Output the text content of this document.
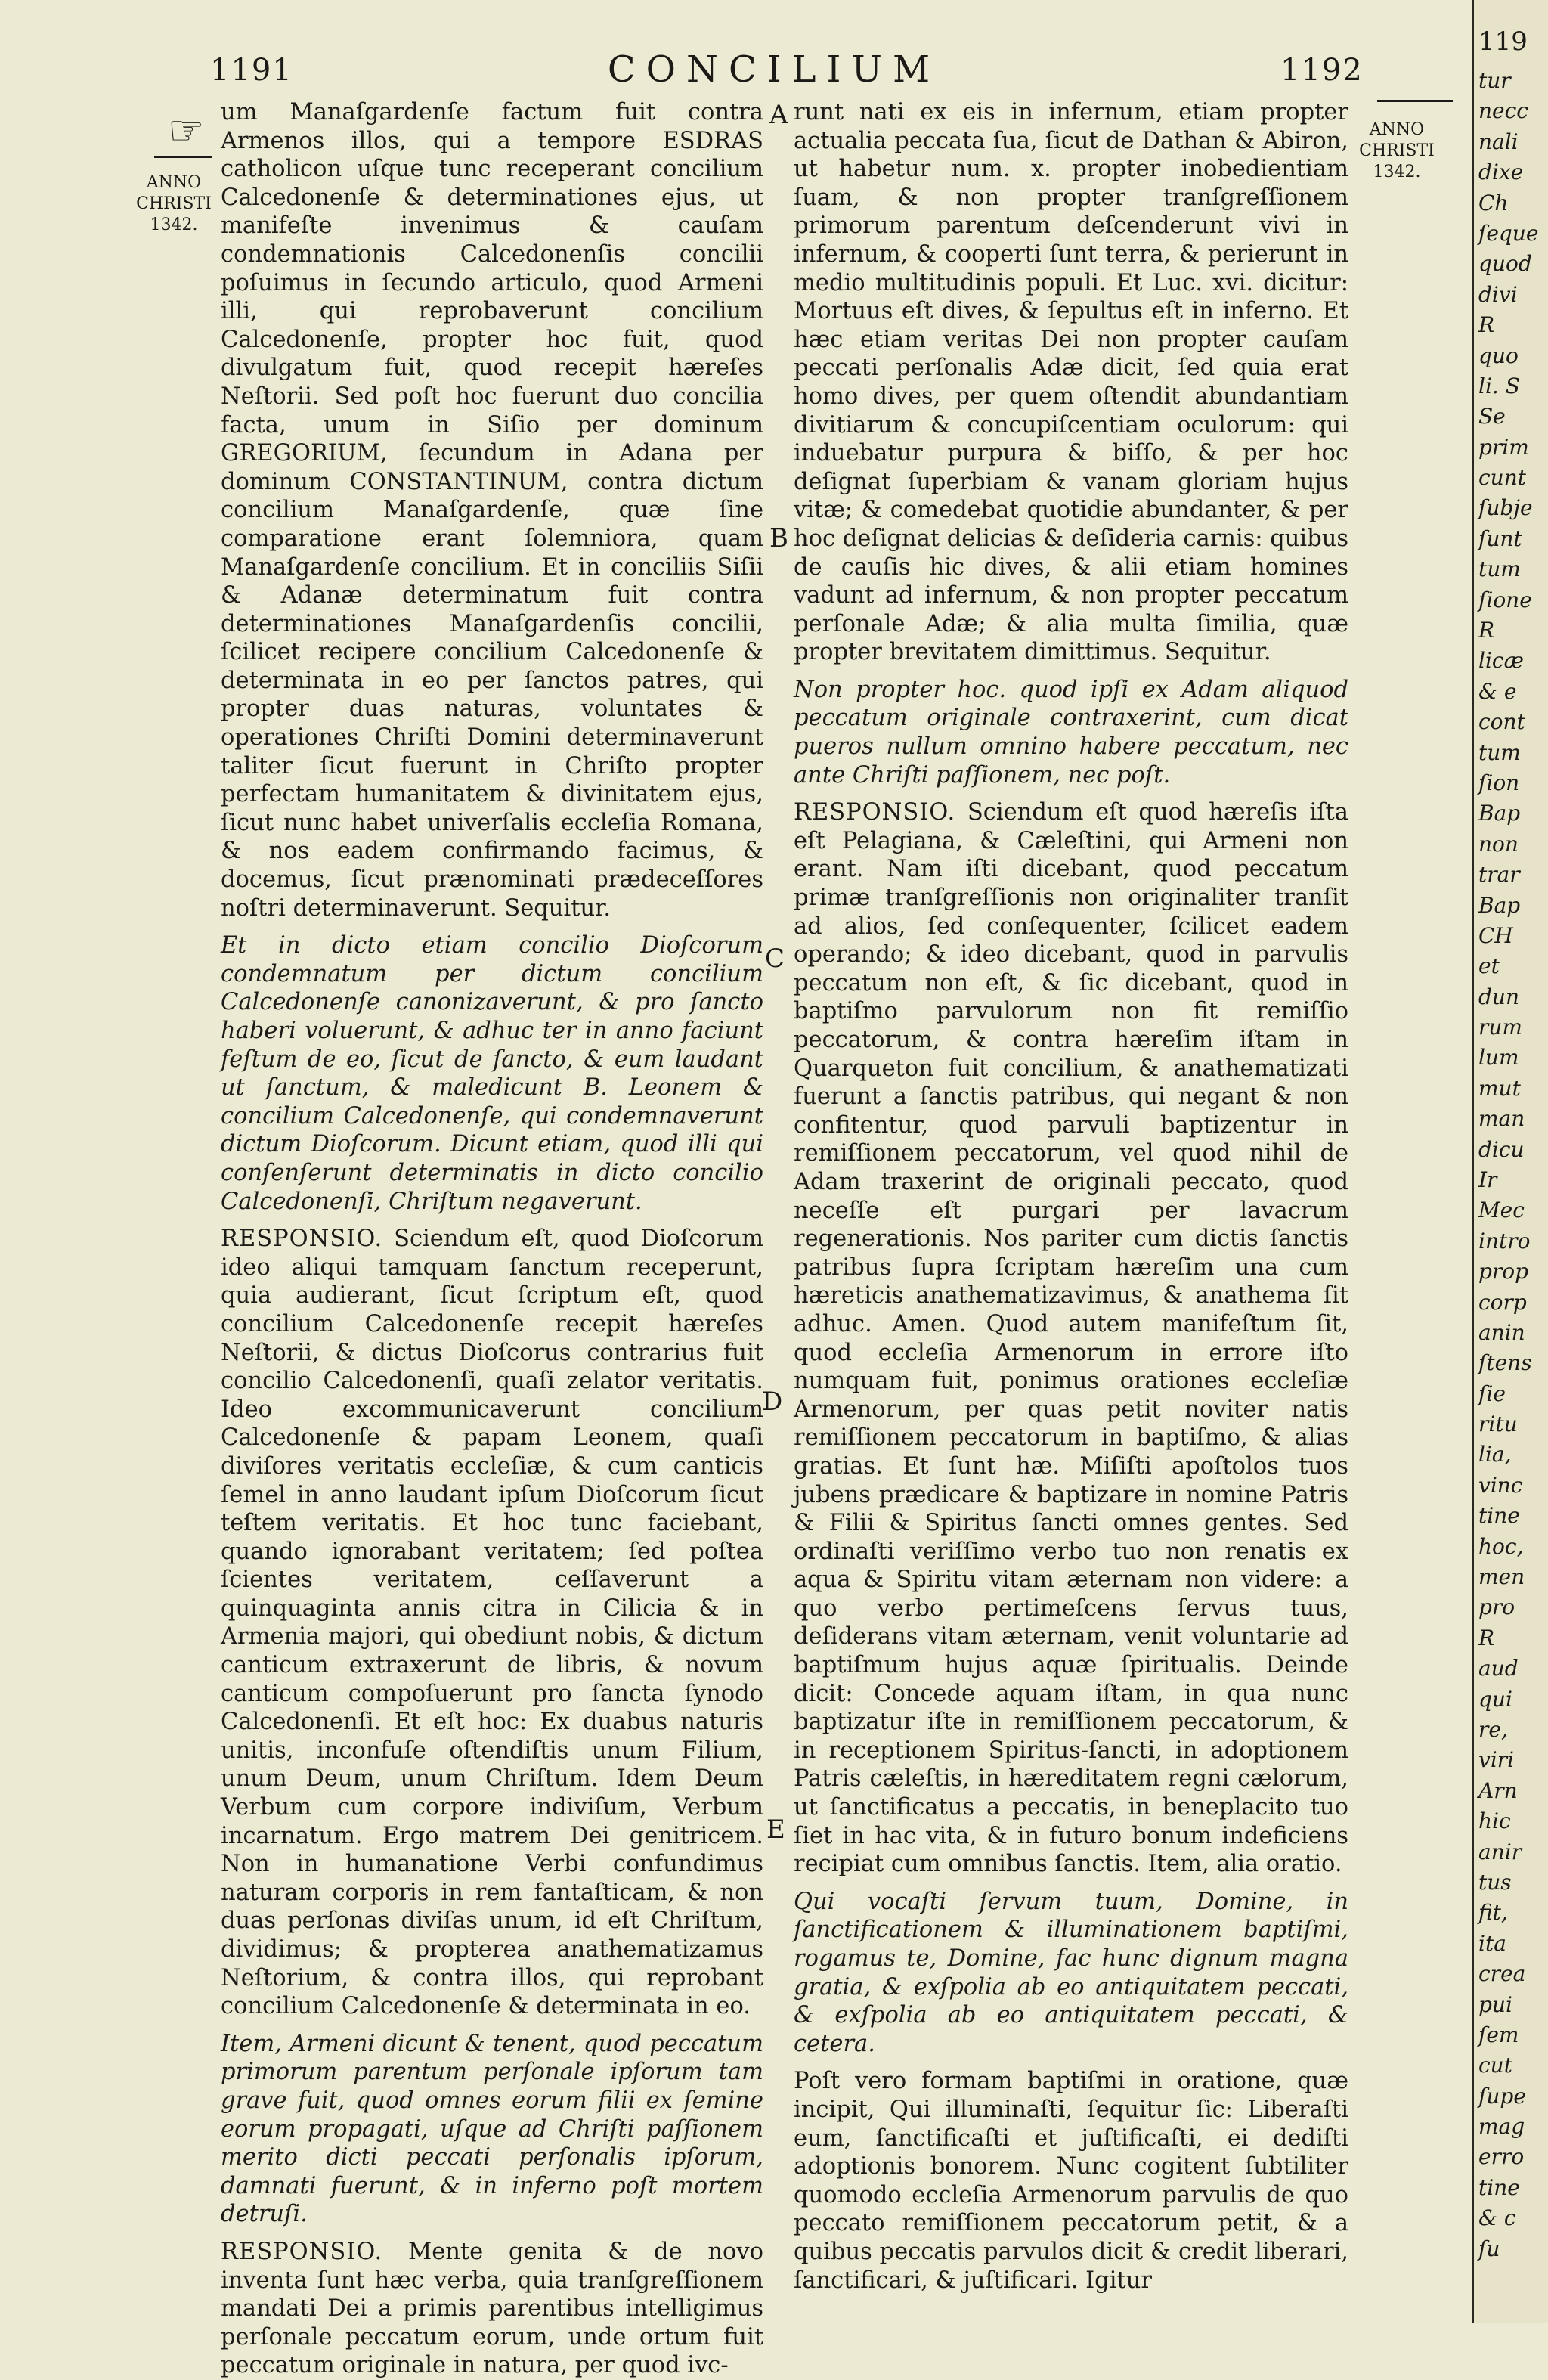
1191	CONCILIUM	1192
☞
ANNO
CHRISTI
1342.
ANNO
CHRISTI
1342.
A
B
C
D
E

um Manaſgardenſe factum fuit contra Armenos illos, qui a tempore ESDRAS catholicon uſque tunc receperant concilium Calcedonenſe & determinationes ejus, ut manifeſte invenimus & cauſam condemnationis Calcedonenſis concilii poſuimus in ſecundo articulo, quod Armeni illi, qui reprobaverunt concilium Calcedonenſe, propter hoc fuit, quod divulgatum fuit, quod recepit hæreſes Neſtorii. Sed poſt hoc fuerunt duo concilia facta, unum in Siſio per dominum GREGORIUM, ſecundum in Adana per dominum CONSTANTINUM, contra dictum concilium Manaſgardenſe, quæ ſine comparatione erant ſolemniora, quam Manaſgardenſe concilium. Et in conciliis Siſii & Adanæ determinatum fuit contra determinationes Manaſgardenſis concilii, ſcilicet recipere concilium Calcedonenſe & determinata in eo per ſanctos patres, qui propter duas naturas, voluntates & operationes Chriſti Domini determinaverunt taliter ſicut fuerunt in Chriſto propter perfectam humanitatem & divinitatem ejus, ſicut nunc habet univerſalis eccleſia Romana, & nos eadem confirmando facimus, & docemus, ſicut prænominati prædeceſſores noſtri determinaverunt. Sequitur.

Et in dicto etiam concilio Dioſcorum condemnatum per dictum concilium Calcedonenſe canonizaverunt, & pro ſancto haberi voluerunt, & adhuc ter in anno faciunt feſtum de eo, ſicut de ſancto, & eum laudant ut ſanctum, & maledicunt B. Leonem & concilium Calcedonenſe, qui condemnaverunt dictum Dioſcorum. Dicunt etiam, quod illi qui conſenſerunt determinatis in dicto concilio Calcedonenſi, Chriſtum negaverunt.

RESPONSIO. Sciendum eſt, quod Dioſcorum ideo aliqui tamquam ſanctum receperunt, quia audierant, ſicut ſcriptum eſt, quod concilium Calcedonenſe recepit hæreſes Neſtorii, & dictus Dioſcorus contrarius fuit concilio Calcedonenſi, quaſi zelator veritatis. Ideo excommunicaverunt concilium Calcedonenſe & papam Leonem, quaſi diviſores veritatis eccleſiæ, & cum canticis ſemel in anno laudant ipſum Dioſcorum ſicut teſtem veritatis. Et hoc tunc faciebant, quando ignorabant veritatem; ſed poſtea ſcientes veritatem, ceſſaverunt a quinquaginta annis citra in Cilicia & in Armenia majori, qui obediunt nobis, & dictum canticum extraxerunt de libris, & novum canticum compoſuerunt pro ſancta ſynodo Calcedonenſi. Et eſt hoc: Ex duabus naturis unitis, inconfuſe oſtendiſtis unum Filium, unum Deum, unum Chriſtum. Idem Deum Verbum cum corpore indiviſum, Verbum incarnatum. Ergo matrem Dei genitricem. Non in humanatione Verbi confundimus naturam corporis in rem fantaſticam, & non duas perſonas diviſas unum, id eſt Chriſtum, dividimus; & propterea anathematizamus Neſtorium, & contra illos, qui reprobant concilium Calcedonenſe & determinata in eo.

Item, Armeni dicunt & tenent, quod peccatum primorum parentum perſonale ipſorum tam grave fuit, quod omnes eorum filii ex ſemine eorum propagati, uſque ad Chriſti paſſionem merito dicti peccati perſonalis ipſorum, damnati fuerunt, & in inferno poſt mortem detruſi.

RESPONSIO. Mente genita & de novo inventa ſunt hæc verba, quia tranſgreſſionem mandati Dei a primis parentibus intelligimus perſonale peccatum eorum, unde ortum fuit peccatum originale in natura, per quod ivc-

runt nati ex eis in infernum, etiam propter actualia peccata ſua, ſicut de Dathan & Abiron, ut habetur num. x. propter inobedientiam ſuam, & non propter tranſgreſſionem primorum parentum deſcenderunt vivi in infernum, & cooperti ſunt terra, & perierunt in medio multitudinis populi. Et Luc. xvi. dicitur: Mortuus eſt dives, & ſepultus eſt in inferno. Et hæc etiam veritas Dei non propter cauſam peccati perſonalis Adæ dicit, ſed quia erat homo dives, per quem oſtendit abundantiam divitiarum & concupiſcentiam oculorum: qui induebatur purpura & biſſo, & per hoc deſignat ſuperbiam & vanam gloriam hujus vitæ; & comedebat quotidie abundanter, & per hoc deſignat delicias & deſideria carnis: quibus de cauſis hic dives, & alii etiam homines vadunt ad infernum, & non propter peccatum perſonale Adæ; & alia multa ſimilia, quæ propter brevitatem dimittimus. Sequitur.

Non propter hoc. quod ipſi ex Adam aliquod peccatum originale contraxerint, cum dicat pueros nullum omnino habere peccatum, nec ante Chriſti paſſionem, nec poſt.

RESPONSIO. Sciendum eſt quod hæreſis iſta eſt Pelagiana, & Cæleſtini, qui Armeni non erant. Nam iſti dicebant, quod peccatum primæ tranſgreſſionis non originaliter tranſit ad alios, ſed conſequenter, ſcilicet eadem operando; & ideo dicebant, quod in parvulis peccatum non eſt, & ſic dicebant, quod in baptiſmo parvulorum non fit remiſſio peccatorum, & contra hæreſim iſtam in Quarqueton fuit concilium, & anathematizati fuerunt a ſanctis patribus, qui negant & non confitentur, quod parvuli baptizentur in remiſſionem peccatorum, vel quod nihil de Adam traxerint de originali peccato, quod neceſſe eſt purgari per lavacrum regenerationis. Nos pariter cum dictis ſanctis patribus ſupra ſcriptam hæreſim una cum hæreticis anathematizavimus, & anathema ſit adhuc. Amen. Quod autem manifeſtum ſit, quod eccleſia Armenorum in errore iſto numquam fuit, ponimus orationes eccleſiæ Armenorum, per quas petit noviter natis remiſſionem peccatorum in baptiſmo, & alias gratias. Et ſunt hæ. Miſiſti apoſtolos tuos jubens prædicare & baptizare in nomine Patris & Filii & Spiritus ſancti omnes gentes. Sed ordinaſti veriſſimo verbo tuo non renatis ex aqua & Spiritu vitam æternam non videre: a quo verbo pertimeſcens ſervus tuus, deſiderans vitam æternam, venit voluntarie ad baptiſmum hujus aquæ ſpiritualis. Deinde dicit: Concede aquam iſtam, in qua nunc baptizatur iſte in remiſſionem peccatorum, & in receptionem Spiritus-ſancti, in adoptionem Patris cæleſtis, in hæreditatem regni cælorum, ut ſanctificatus a peccatis, in beneplacito tuo ſiet in hac vita, & in futuro bonum indeficiens recipiat cum omnibus ſanctis. Item, alia oratio.

Qui vocaſti ſervum tuum, Domine, in ſanctificationem & illuminationem baptiſmi, rogamus te, Domine, fac hunc dignum magna gratia, & exſpolia ab eo antiquitatem peccati, & exſpolia ab eo antiquitatem peccati, & cetera.

Poſt vero formam baptiſmi in oratione, quæ incipit, Qui illuminaſti, ſequitur ſic: Liberaſti eum, ſanctificaſti et juſtificaſti, ei dediſti adoptionis bonorem. Nunc cogitent ſubtiliter quomodo eccleſia Armenorum parvulis de quo peccato remiſſionem peccatorum petit, & a quibus peccatis parvulos dicit & credit liberari, ſanctificari, & juſtificari. Igitur

119
tur
necc
nali
dixe
Ch
ſeque
quod
divi
R
quo
li. S
Se
prim
cunt
ſubje
ſunt
tum
ſione
R
licæ
& e
cont
tum
ſion
Bap
non
trar
Bap
CH
et
dun
rum
lum
mut
man
dicu
Ir
Mec
intro
prop
corp
anin
ſtens
ſie
ritu
lia,
vinc
tine
hoc,
men
pro
R
aud
qui
re,
viri
Arn
hic
anir
tus
fit,
ita
crea
pui
ſem
cut
ſupe
mag
erro
tine
& c
ſu
